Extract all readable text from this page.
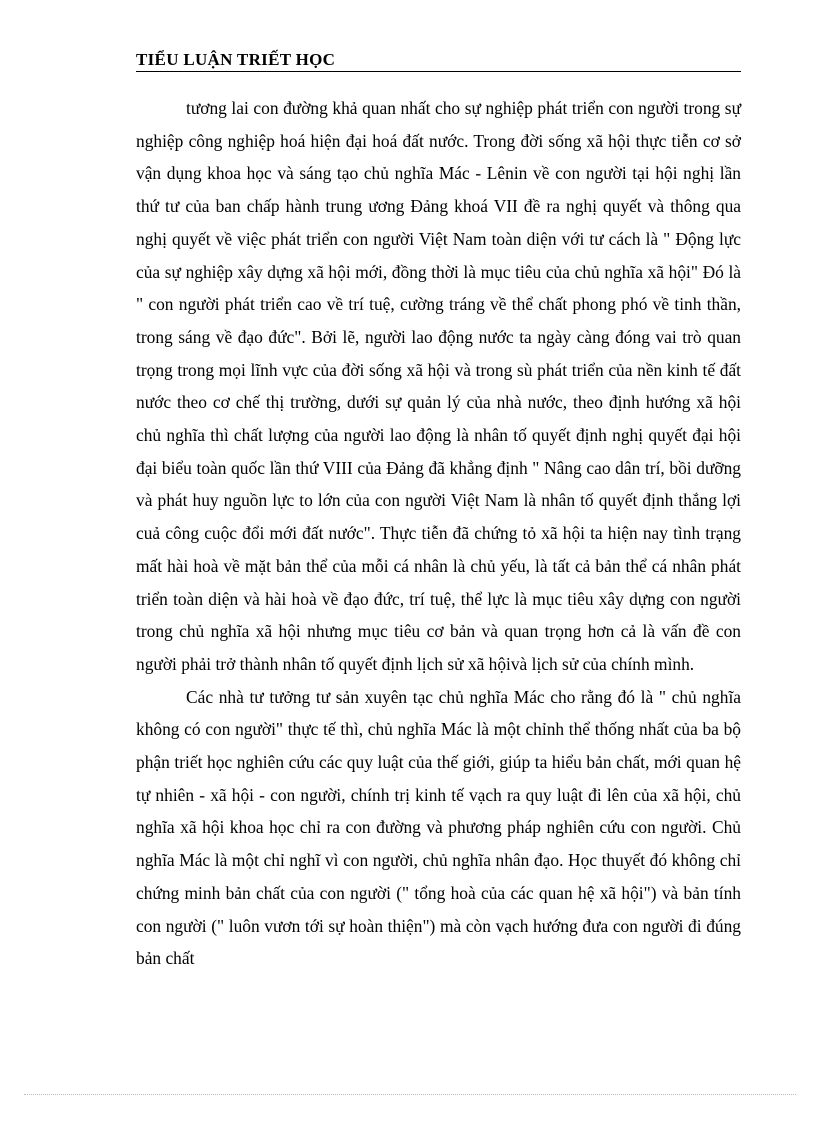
TIỂU LUẬN TRIẾT HỌC

tương lai con đường khả quan nhất cho sự nghiệp phát triển con người trong sự nghiệp công nghiệp hoá hiện đại hoá đất nước. Trong đời sống xã hội thực tiễn cơ sở vận dụng khoa học và sáng tạo chủ nghĩa Mác - Lênin về con người tại hội nghị lần thứ tư của ban chấp hành trung ương Đảng khoá VII đề ra nghị quyết và thông qua nghị quyết về việc phát triển con người Việt Nam toàn diện với tư cách là " Động lực của sự nghiệp xây dựng xã hội mới, đồng thời là mục tiêu của chủ nghĩa xã hội" Đó là " con người phát triển cao về trí tuệ, cường tráng về thể chất phong phó về tinh thần, trong sáng về đạo đức". Bởi lẽ, người lao động nước ta ngày càng đóng vai trò quan trọng trong mọi lĩnh vực của đời sống xã hội và trong sù phát triển của nền kinh tế đất nước theo cơ chế thị trường, dưới sự quản lý của nhà nước, theo định hướng xã hội chủ nghĩa thì chất lượng của người lao động là nhân tố quyết định nghị quyết đại hội đại biểu toàn quốc lần thứ VIII của Đảng đã khẳng định " Nâng cao dân trí, bồi dưỡng và phát huy nguồn lực to lớn của con người Việt Nam là nhân tố quyết định thắng lợi cuả công cuộc đổi mới đất nước". Thực tiễn đã chứng tỏ xã hội ta hiện nay tình trạng mất hài hoà về mặt bản thể của mỗi cá nhân là chủ yếu, là tất cả bản thể cá nhân phát triển toàn diện và hài hoà về đạo đức, trí tuệ, thể lực là mục tiêu xây dựng con người trong chủ nghĩa xã hội nhưng mục tiêu cơ bản và quan trọng hơn cả là vấn đề con người phải trở thành nhân tố quyết định lịch sử xã hộivà lịch sử của chính mình.

Các nhà tư tưởng tư sản xuyên tạc chủ nghĩa Mác cho rằng đó là " chủ nghĩa không có con người" thực tế thì, chủ nghĩa Mác là một chỉnh thể thống nhất của ba bộ phận triết học nghiên cứu các quy luật của thế giới, giúp ta hiểu bản chất, mới quan hệ tự nhiên - xã hội - con người, chính trị kinh tế vạch ra quy luật đi lên của xã hội, chủ nghĩa xã hội khoa học chỉ ra con đường và phương pháp nghiên cứu con người. Chủ nghĩa Mác là một chỉ nghĩ vì con người, chủ nghĩa nhân đạo. Học thuyết đó không chỉ chứng minh bản chất của con người (" tổng hoà của các quan hệ xã hội") và bản tính con người (" luôn vươn tới sự hoàn thiện") mà còn vạch hướng đưa con người đi đúng bản chất
